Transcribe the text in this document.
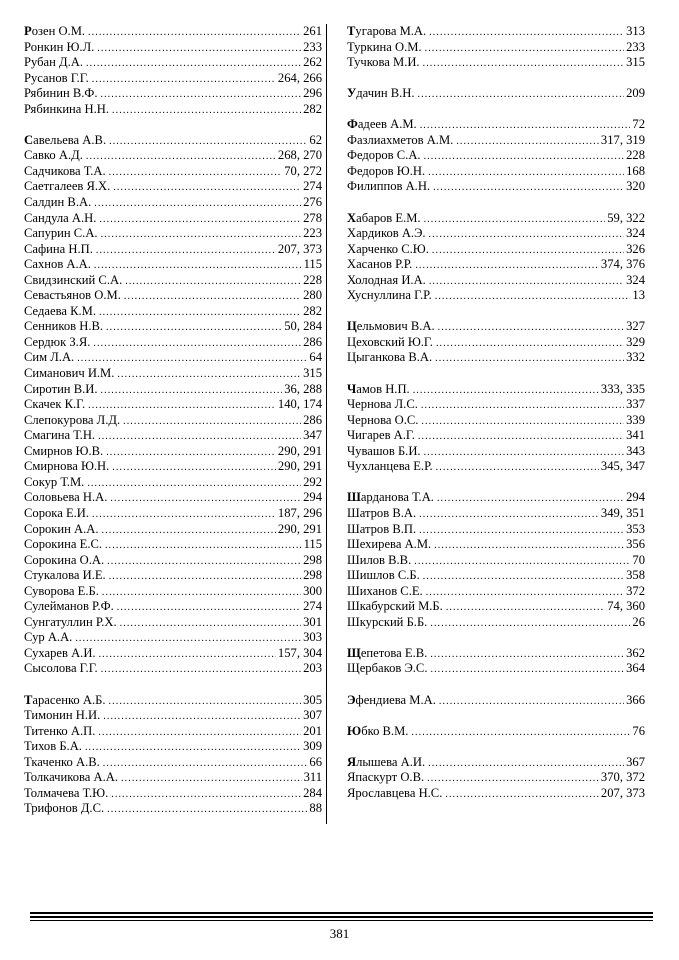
Розен О.М. .....	261
Ронкин Ю.Л. .....	233
Рубан Д.А. .....	262
Русанов Г.Г. .....	264, 266
Рябинин В.Ф. .....	296
Рябинкина Н.Н. .....	282
Савельева А.В. .....	62
Савко А.Д. .....	268, 270
Садчикова Т.А. .....	70, 272
Саетгалеев Я.Х. .....	274
Салдин В.А. .....	276
Сандула А.Н. .....	278
Сапурин С.А. .....	223
Сафина Н.П. .....	207, 373
Сахнов А.А. .....	115
Свидзинский С.А. .....	228
Севастьянов О.М. .....	280
Седаева К.М. .....	282
Сенников Н.В. .....	50, 284
Сердюк З.Я. .....	286
Сим Л.А. .....	64
Симанович И.М. .....	315
Сиротин В.И. .....	36, 288
Скачек К.Г. .....	140, 174
Слепокурова Л.Д. .....	286
Смагина Т.Н. .....	347
Смирнов Ю.В. .....	290, 291
Смирнова Ю.Н. .....	290, 291
Сокур Т.М. .....	292
Соловьева Н.А. .....	294
Сорока Е.И. .....	187, 296
Сорокин А.А. .....	290, 291
Сорокина Е.С. .....	115
Сорокина О.А. .....	298
Стукалова И.Е. .....	298
Суворова Е.Б. .....	300
Сулейманов Р.Ф. .....	274
Сунгатуллин Р.Х. .....	301
Сур А.А. .....	303
Сухарев А.И. .....	157, 304
Сысолова Г.Г. .....	203
Тарасенко А.Б. .....	305
Тимонин Н.И. .....	307
Титенко А.П. .....	201
Тихов Б.А. .....	309
Ткаченко А.В. .....	66
Толкачикова А.А. .....	311
Толмачева Т.Ю. .....	284
Трифонов Д.С. .....	88
Тугарова М.А. .....	313
Туркина О.М. .....	233
Тучкова М.И. .....	315
Удачин В.Н. .....	209
Фадеев А.М. .....	72
Фазлиахметов А.М. .....	317, 319
Федоров С.А. .....	228
Федоров Ю.Н. .....	168
Филиппов А.Н. .....	320
Хабаров Е.М. .....	59, 322
Хардиков А.Э. .....	324
Харченко С.Ю. .....	326
Хасанов Р.Р. .....	374, 376
Холодная И.А. .....	324
Хуснуллина Г.Р. .....	13
Цельмович В.А. .....	327
Цеховский Ю.Г. .....	329
Цыганкова В.А. .....	332
Чамов Н.П. .....	333, 335
Чернова Л.С. .....	337
Чернова О.С. .....	339
Чигарев А.Г. .....	341
Чувашов Б.И. .....	343
Чухланцева Е.Р. .....	345, 347
Шарданова Т.А. .....	294
Шатров В.А. .....	349, 351
Шатров В.П. .....	353
Шехирева А.М. .....	356
Шилов В.В. .....	70
Шишлов С.Б. .....	358
Шиханов С.Е. .....	372
Шкабурский М.Б. .....	74, 360
Шкурский Б.Б. .....	26
Щепетова Е.В. .....	362
Щербаков Э.С. .....	364
Эфендиева М.А. .....	366
Юбко В.М. .....	76
Ялышева А.И. .....	367
Япаскурт О.В. .....	370, 372
Ярославцева Н.С. .....	207, 373
381
